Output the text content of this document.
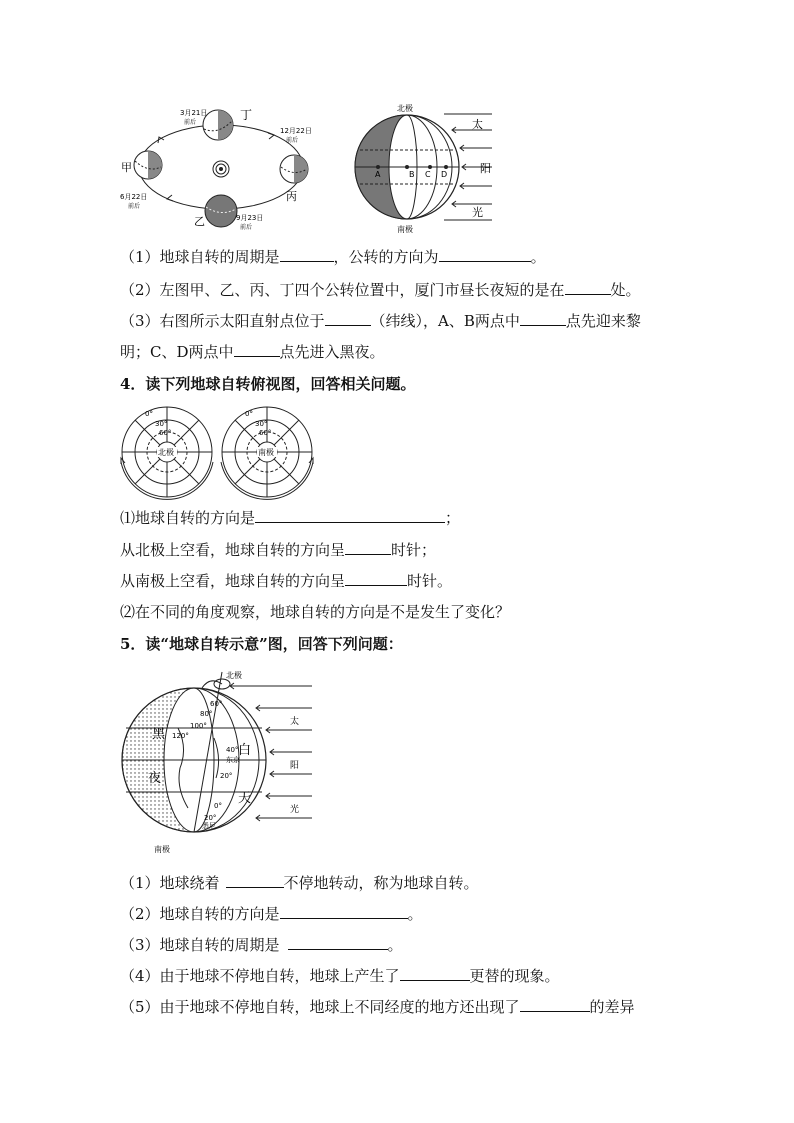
3月21日
前后
丁
12月22日
前后
甲
6月22日
前后
丙
乙	9月23日
前后
北极
南极
太
阳
光
A	B C D
（1）地球自转的周期是	，公转的方向为	。
（2）左图甲、乙、丙、丁四个公转位置中，厦门市昼长夜短的是在	处。
（3）右图所示太阳直射点位于	（纬线），A、B两点中	点先迎来黎
明；C、D两点中	点先进入黑夜。
4．读下列地球自转俯视图，回答相关问题。
北极
0°
30°
60°
南极
0°
30°
60°
⑴地球自转的方向是	；
从北极上空看，地球自转的方向呈	时针；
从南极上空看，地球自转的方向呈	时针。
⑵在不同的角度观察，地球自转的方向是不是发生了变化？
5．读“地球自转示意”图，回答下列问题：
北极
南极
黑
夜
白
天
太
阳
光
东京
悉尼
120°
100°
80°
60°
40°
20°
0°
20°
（1）地球绕着	不停地转动，称为地球自转。
（2）地球自转的方向是	。
（3）地球自转的周期是	。
（4）由于地球不停地自转，地球上产生了	更替的现象。
（5）由于地球不停地自转，地球上不同经度的地方还出现了	的差异
